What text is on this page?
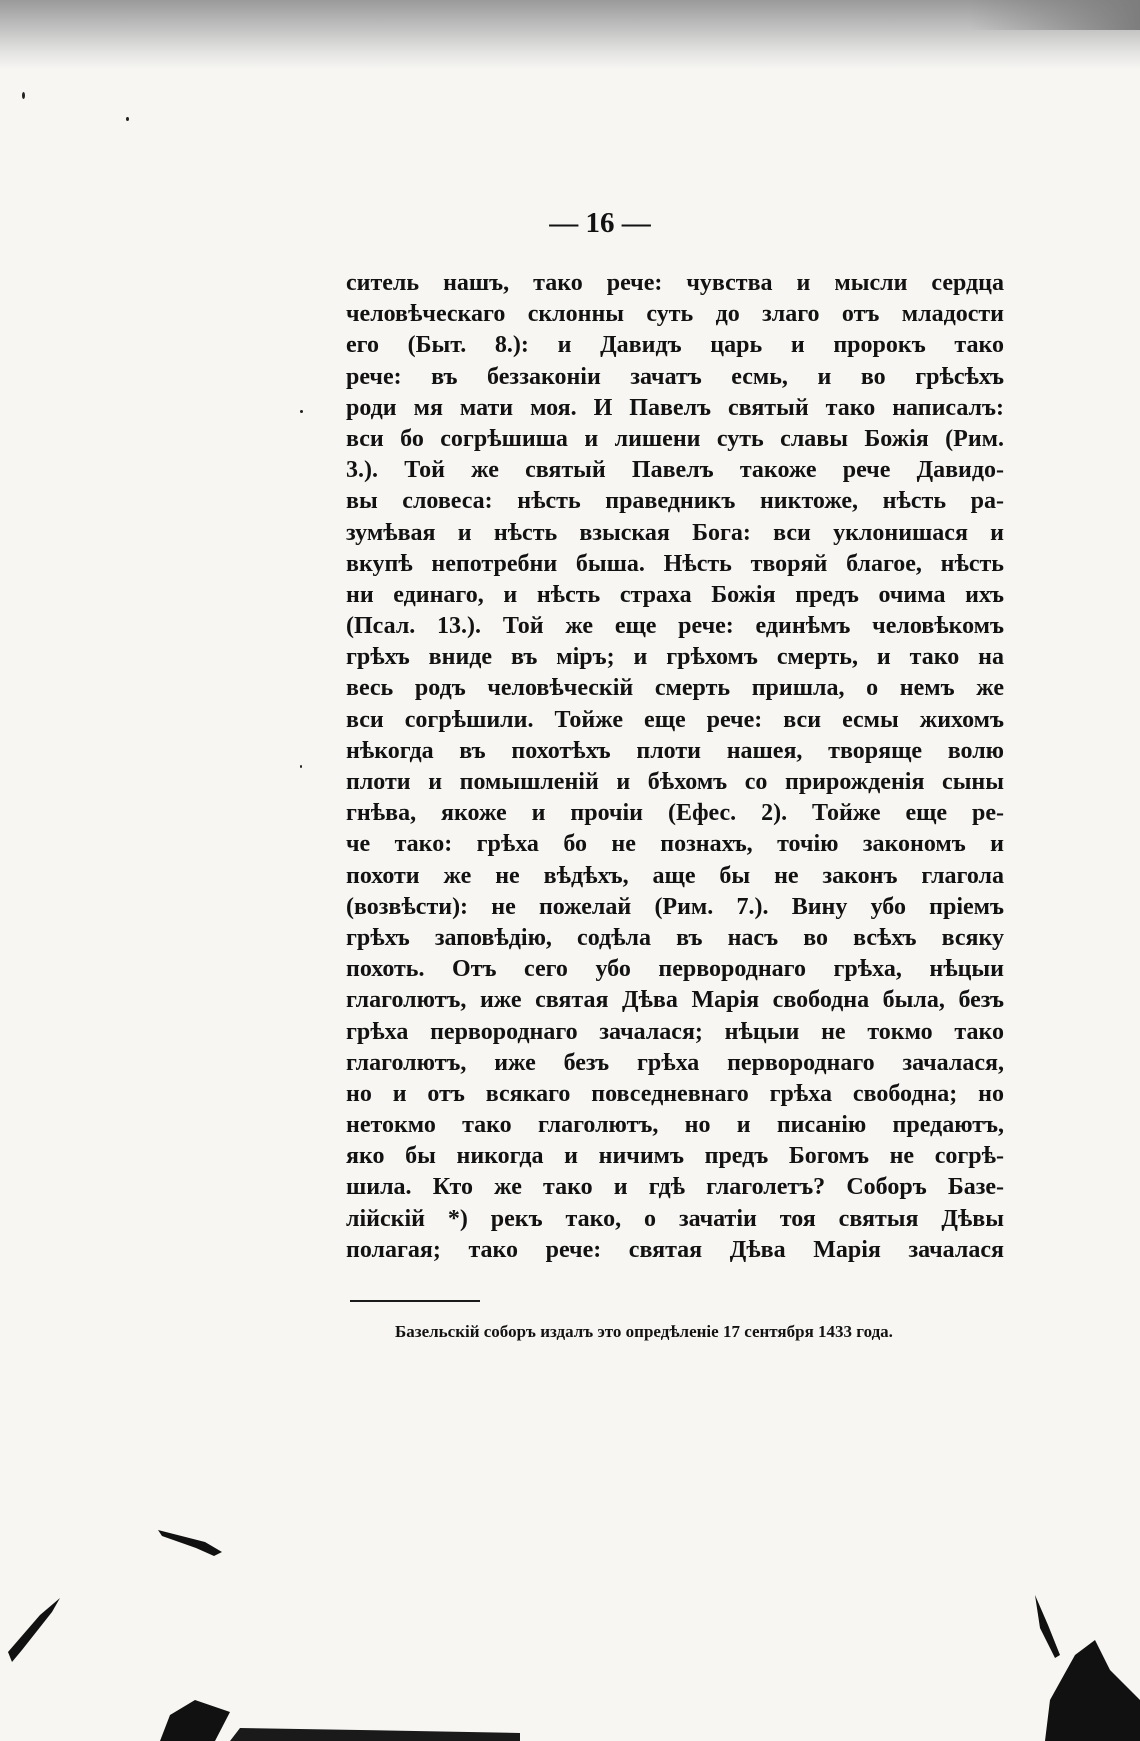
— 16 —
ситель нашъ, тако рече: чувства и мысли сердца
человѣческаго склонны суть до злаго отъ младости
его (Быт. 8.): и Давидъ царь и пророкъ тако
рече: въ беззаконіи зачатъ есмь, и во грѣсѣхъ
роди мя мати моя. И Павелъ святый тако написалъ:
вси бо согрѣшиша и лишени суть славы Божія (Рим.
3.). Той же святый Павелъ такоже рече Давидо-
вы словеса: нѣсть праведникъ никтоже, нѣсть ра-
зумѣвая и нѣсть взыская Бога: вси уклонишася и
вкупѣ непотребни быша. Нѣсть творяй благое, нѣсть
ни единаго, и нѣсть страха Божія предъ очима ихъ
(Псал. 13.). Той же еще рече: единѣмъ человѣкомъ
грѣхъ вниде въ міръ; и грѣхомъ смерть, и тако на
весь родъ человѣческій смерть пришла, о немъ же
вси согрѣшили. Тойже еще рече: вси есмы жихомъ
нѣкогда въ похотѣхъ плоти нашея, творяще волю
плоти и помышленій и бѣхомъ со прирожденія сыны
гнѣва, якоже и прочіи (Ефес. 2). Тойже еще ре-
че тако: грѣха бо не познахъ, точію закономъ и
похоти же не вѣдѣхъ, аще бы не законъ глагола
(возвѣсти): не пожелай (Рим. 7.). Вину убо пріемъ
грѣхъ заповѣдію, содѣла въ насъ во всѣхъ всяку
похоть. Отъ сего убо первороднаго грѣха, нѣцыи
глаголютъ, иже святая Дѣва Марія свободна была, безъ
грѣха первороднаго зачалася; нѣцыи не токмо тако
глаголютъ, иже безъ грѣха первороднаго зачалася,
но и отъ всякаго повседневнаго грѣха свободна; но
нетокмо тако глаголютъ, но и писанію предаютъ,
яко бы никогда и ничимъ предъ Богомъ не согрѣ-
шила. Кто же тако и гдѣ глаголетъ? Соборъ Базе-
лійскій *) рекъ тако, о зачатіи тоя святыя Дѣвы
полагая; тако рече: святая Дѣва Марія зачалася
Базельскій соборъ издалъ это опредѣленіе 17 сентября 1433 года.
